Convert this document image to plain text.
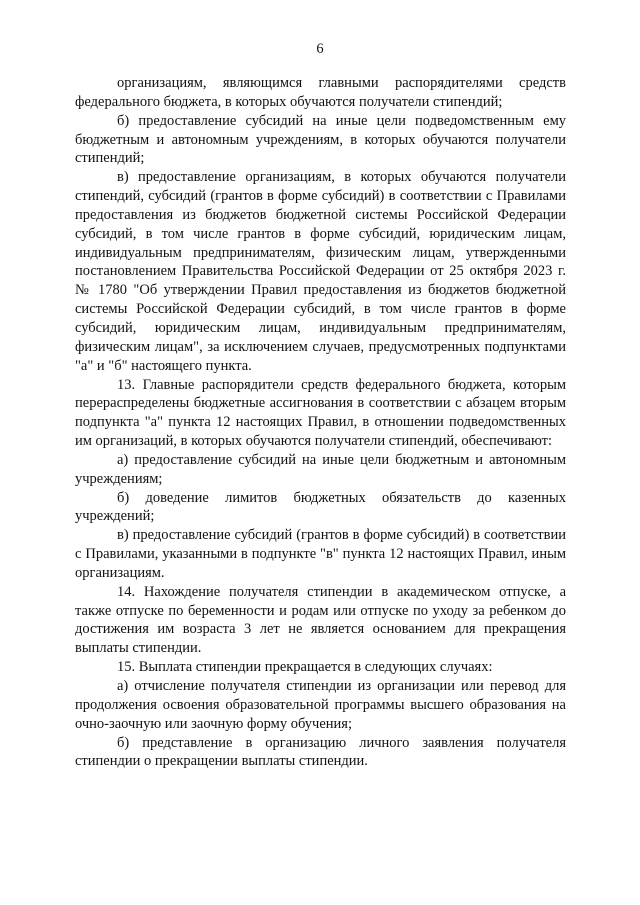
6

организациям, являющимся главными распорядителями средств федерального бюджета, в которых обучаются получатели стипендий;

б) предоставление субсидий на иные цели подведомственным ему бюджетным и автономным учреждениям, в которых обучаются получатели стипендий;

в) предоставление организациям, в которых обучаются получатели стипендий, субсидий (грантов в форме субсидий) в соответствии с Правилами предоставления из бюджетов бюджетной системы Российской Федерации субсидий, в том числе грантов в форме субсидий, юридическим лицам, индивидуальным предпринимателям, физическим лицам, утвержденными постановлением Правительства Российской Федерации от 25 октября 2023 г. № 1780 "Об утверждении Правил предоставления из бюджетов бюджетной системы Российской Федерации субсидий, в том числе грантов в форме субсидий, юридическим лицам, индивидуальным предпринимателям, физическим лицам", за исключением случаев, предусмотренных подпунктами "а" и "б" настоящего пункта.

13. Главные распорядители средств федерального бюджета, которым перераспределены бюджетные ассигнования в соответствии с абзацем вторым подпункта "а" пункта 12 настоящих Правил, в отношении подведомственных им организаций, в которых обучаются получатели стипендий, обеспечивают:

а) предоставление субсидий на иные цели бюджетным и автономным учреждениям;

б) доведение лимитов бюджетных обязательств до казенных учреждений;

в) предоставление субсидий (грантов в форме субсидий) в соответствии с Правилами, указанными в подпункте "в" пункта 12 настоящих Правил, иным организациям.

14. Нахождение получателя стипендии в академическом отпуске, а также отпуске по беременности и родам или отпуске по уходу за ребенком до достижения им возраста 3 лет не является основанием для прекращения выплаты стипендии.

15. Выплата стипендии прекращается в следующих случаях:

а) отчисление получателя стипендии из организации или перевод для продолжения освоения образовательной программы высшего образования на очно-заочную или заочную форму обучения;

б) представление в организацию личного заявления получателя стипендии о прекращении выплаты стипендии.
